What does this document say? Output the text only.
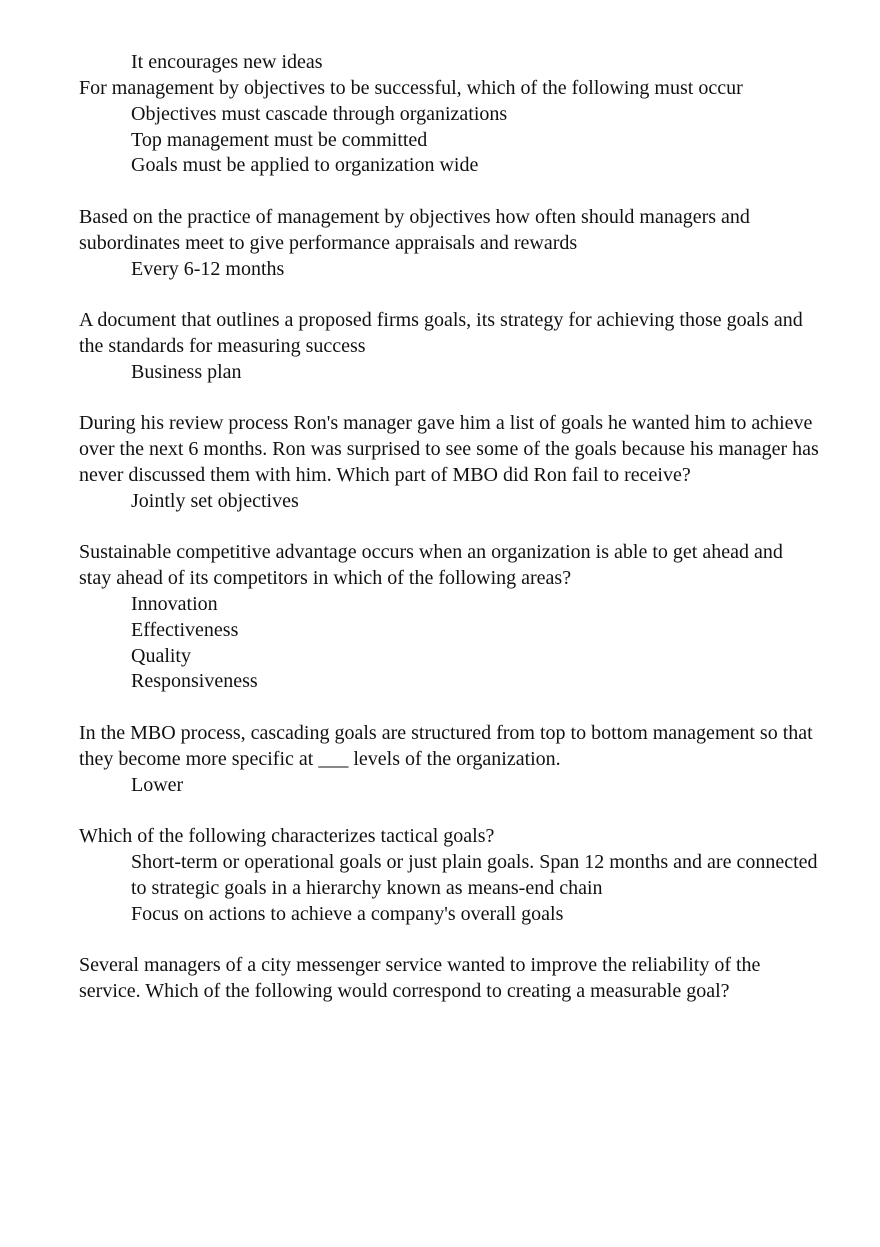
It encourages new ideas

For management by objectives to be successful, which of the following must occur

Objectives must cascade through organizations

Top management must be committed

Goals must be applied to organization wide

Based on the practice of management by objectives how often should managers and subordinates meet to give performance appraisals and rewards

Every 6-12 months

A document that outlines a proposed firms goals, its strategy for achieving those goals and the standards for measuring success

Business plan

During his review process Ron's manager gave him a list of goals he wanted him to achieve over the next 6 months. Ron was surprised to see some of the goals because his manager has never discussed them with him. Which part of MBO did Ron fail to receive?

Jointly set objectives

Sustainable competitive advantage occurs when an organization is able to get ahead and stay ahead of its competitors in which of the following areas?

Innovation

Effectiveness

Quality

Responsiveness

In the MBO process, cascading goals are structured from top to bottom management so that they become more specific at ___ levels of the organization.

Lower

Which of the following characterizes tactical goals?

Short-term or operational goals or just plain goals. Span 12 months and are connected to strategic goals in a hierarchy known as means-end chain

Focus on actions to achieve a company's overall goals

Several managers of a city messenger service wanted to improve the reliability of the service. Which of the following would correspond to creating a measurable goal?
